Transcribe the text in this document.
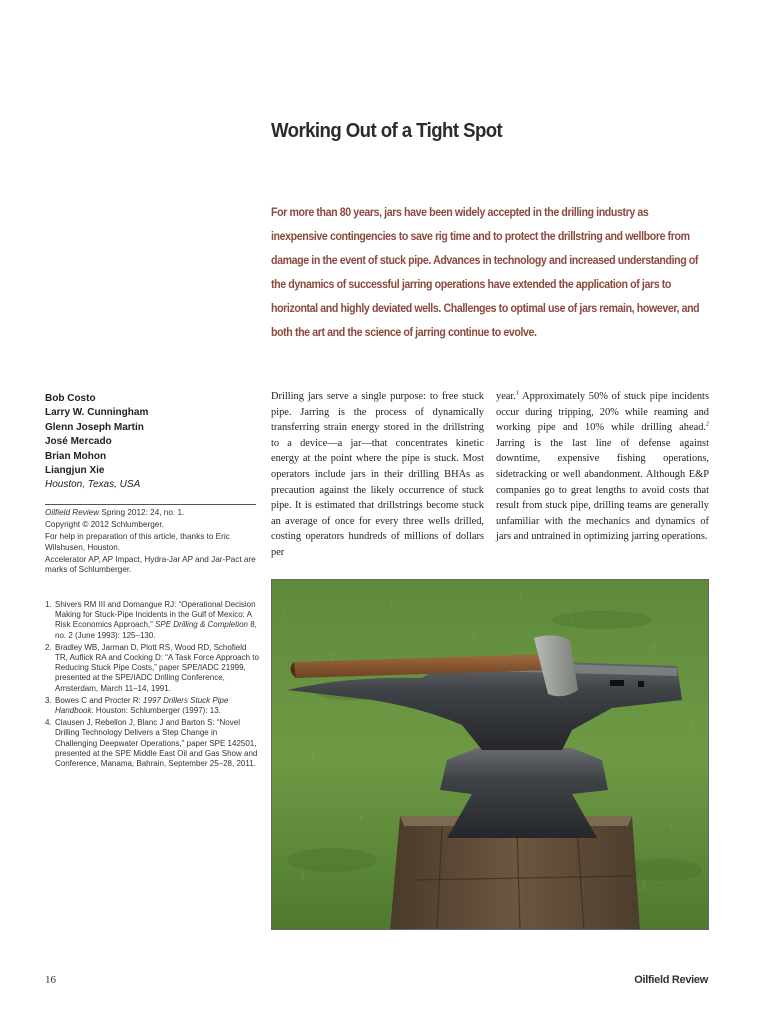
Working Out of a Tight Spot

For more than 80 years, jars have been widely accepted in the drilling industry as inexpensive contingencies to save rig time and to protect the drillstring and wellbore from damage in the event of stuck pipe. Advances in technology and increased understanding of the dynamics of successful jarring operations have extended the application of jars to horizontal and highly deviated wells. Challenges to optimal use of jars remain, however, and both the art and the science of jarring continue to evolve.

Bob Costo
Larry W. Cunningham
Glenn Joseph Martin
José Mercado
Brian Mohon
Liangjun Xie
Houston, Texas, USA

Oilfield Review Spring 2012: 24, no. 1.

Copyright © 2012 Schlumberger.

For help in preparation of this article, thanks to Eric Wilshusen, Houston.

Accelerator AP, AP Impact, Hydra-Jar AP and Jar-Pact are marks of Schlumberger.

1. Shivers RM III and Domangue RJ: “Operational Decision Making for Stuck-Pipe Incidents in the Gulf of Mexico: A Risk Economics Approach,” SPE Drilling & Completion 8, no. 2 (June 1993): 125–130.
2. Bradley WB, Jarman D, Plott RS, Wood RD, Schofield TR, Auflick RA and Cocking D: “A Task Force Approach to Reducing Stuck Pipe Costs,” paper SPE/IADC 21999, presented at the SPE/IADC Drilling Conference, Amsterdam, March 11–14, 1991.
3. Bowes C and Procter R: 1997 Drillers Stuck Pipe Handbook. Houston: Schlumberger (1997): 13.
4. Clausen J, Rebellon J, Blanc J and Barton S: “Novel Drilling Technology Delivers a Step Change in Challenging Deepwater Operations,” paper SPE 142501, presented at the SPE Middle East Oil and Gas Show and Conference, Manama, Bahrain, September 25–28, 2011.

Drilling jars serve a single purpose: to free stuck pipe. Jarring is the process of dynamically transferring strain energy stored in the drillstring to a device—a jar—that concentrates kinetic energy at the point where the pipe is stuck. Most operators include jars in their drilling BHAs as precaution against the likely occurrence of stuck pipe. It is estimated that drillstrings become stuck an average of once for every three wells drilled, costing operators hundreds of millions of dollars per

year.$^1$ Approximately 50% of stuck pipe incidents occur during tripping, 20% while reaming and working pipe and 10% while drilling ahead.$^2$ Jarring is the last line of defense against downtime, expensive fishing operations, sidetracking or well abandonment. Although E&P companies go to great lengths to avoid costs that result from stuck pipe, drilling teams are generally unfamiliar with the mechanics and dynamics of jars and untrained in optimizing jarring operations.

16	Oilfield Review
